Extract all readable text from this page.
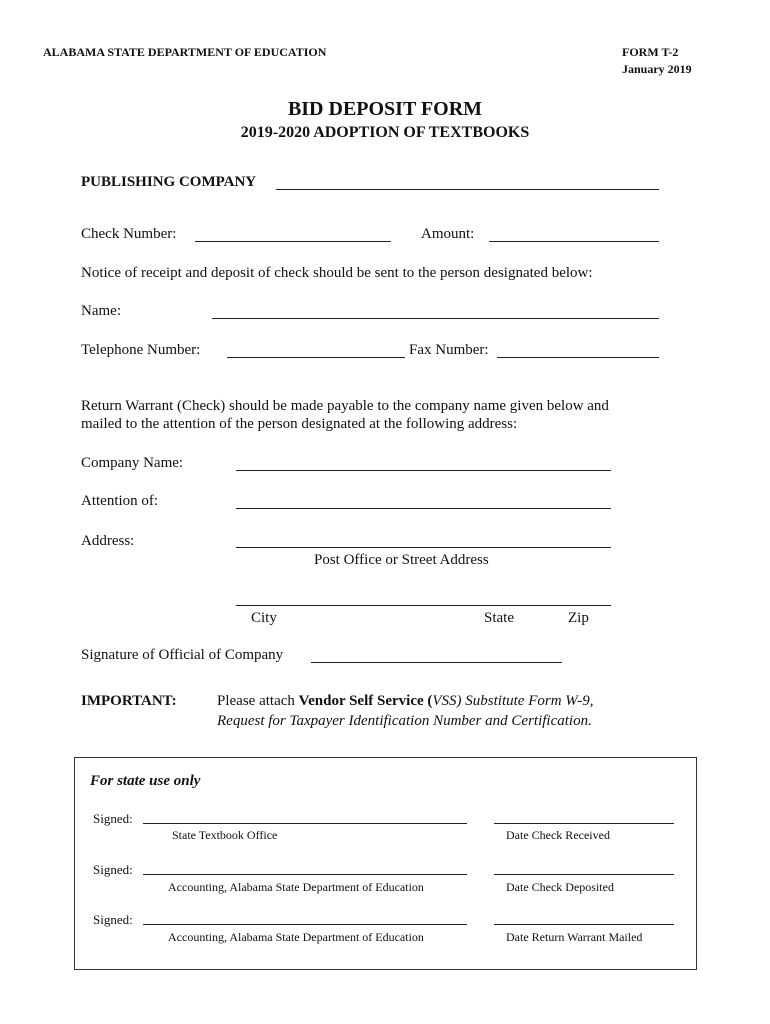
ALABAMA STATE DEPARTMENT OF EDUCATION	FORM T-2
January 2019
BID DEPOSIT FORM
2019-2020 ADOPTION OF TEXTBOOKS
PUBLISHING COMPANY
Check Number:	Amount:
Notice of receipt and deposit of check should be sent to the person designated below:
Name:
Telephone Number:	Fax Number:
Return Warrant (Check) should be made payable to the company name given below and
mailed to the attention of the person designated at the following address:
Company Name:
Attention of:
Address:
Post Office or Street Address
City	State	Zip
Signature of Official of Company
IMPORTANT:	Please attach Vendor Self Service (VSS) Substitute Form W-9,
Request for Taxpayer Identification Number and Certification.
For state use only
Signed:
State Textbook Office	Date Check Received
Signed:
Accounting, Alabama State Department of Education	Date Check Deposited
Signed:
Accounting, Alabama State Department of Education	Date Return Warrant Mailed
